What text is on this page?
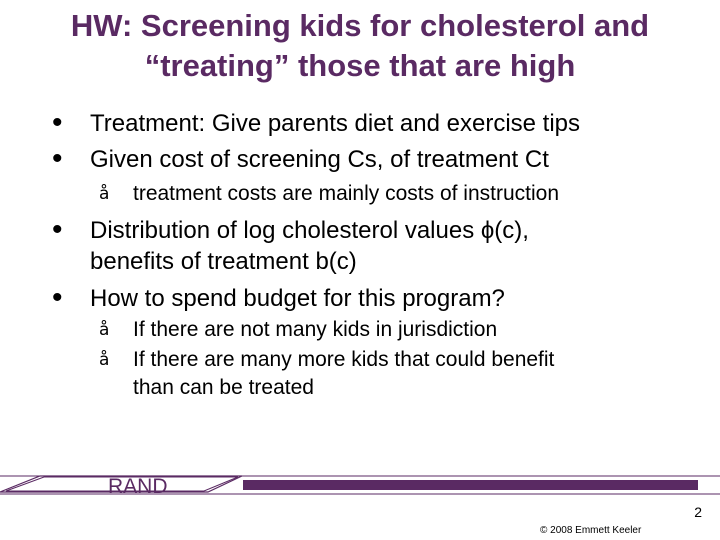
HW: Screening kids for cholesterol and
“treating” those that are high
• Treatment: Give parents diet and exercise tips
• Given cost of screening Cs, of treatment Ct
å treatment costs are mainly costs of instruction
• Distribution of log cholesterol values ϕ(c),
benefits of treatment b(c)
• How to spend budget for this program?
å If there are not many kids in jurisdiction
å If there are many more kids that could benefit
than can be treated
RAND
2
© 2008 Emmett Keeler
